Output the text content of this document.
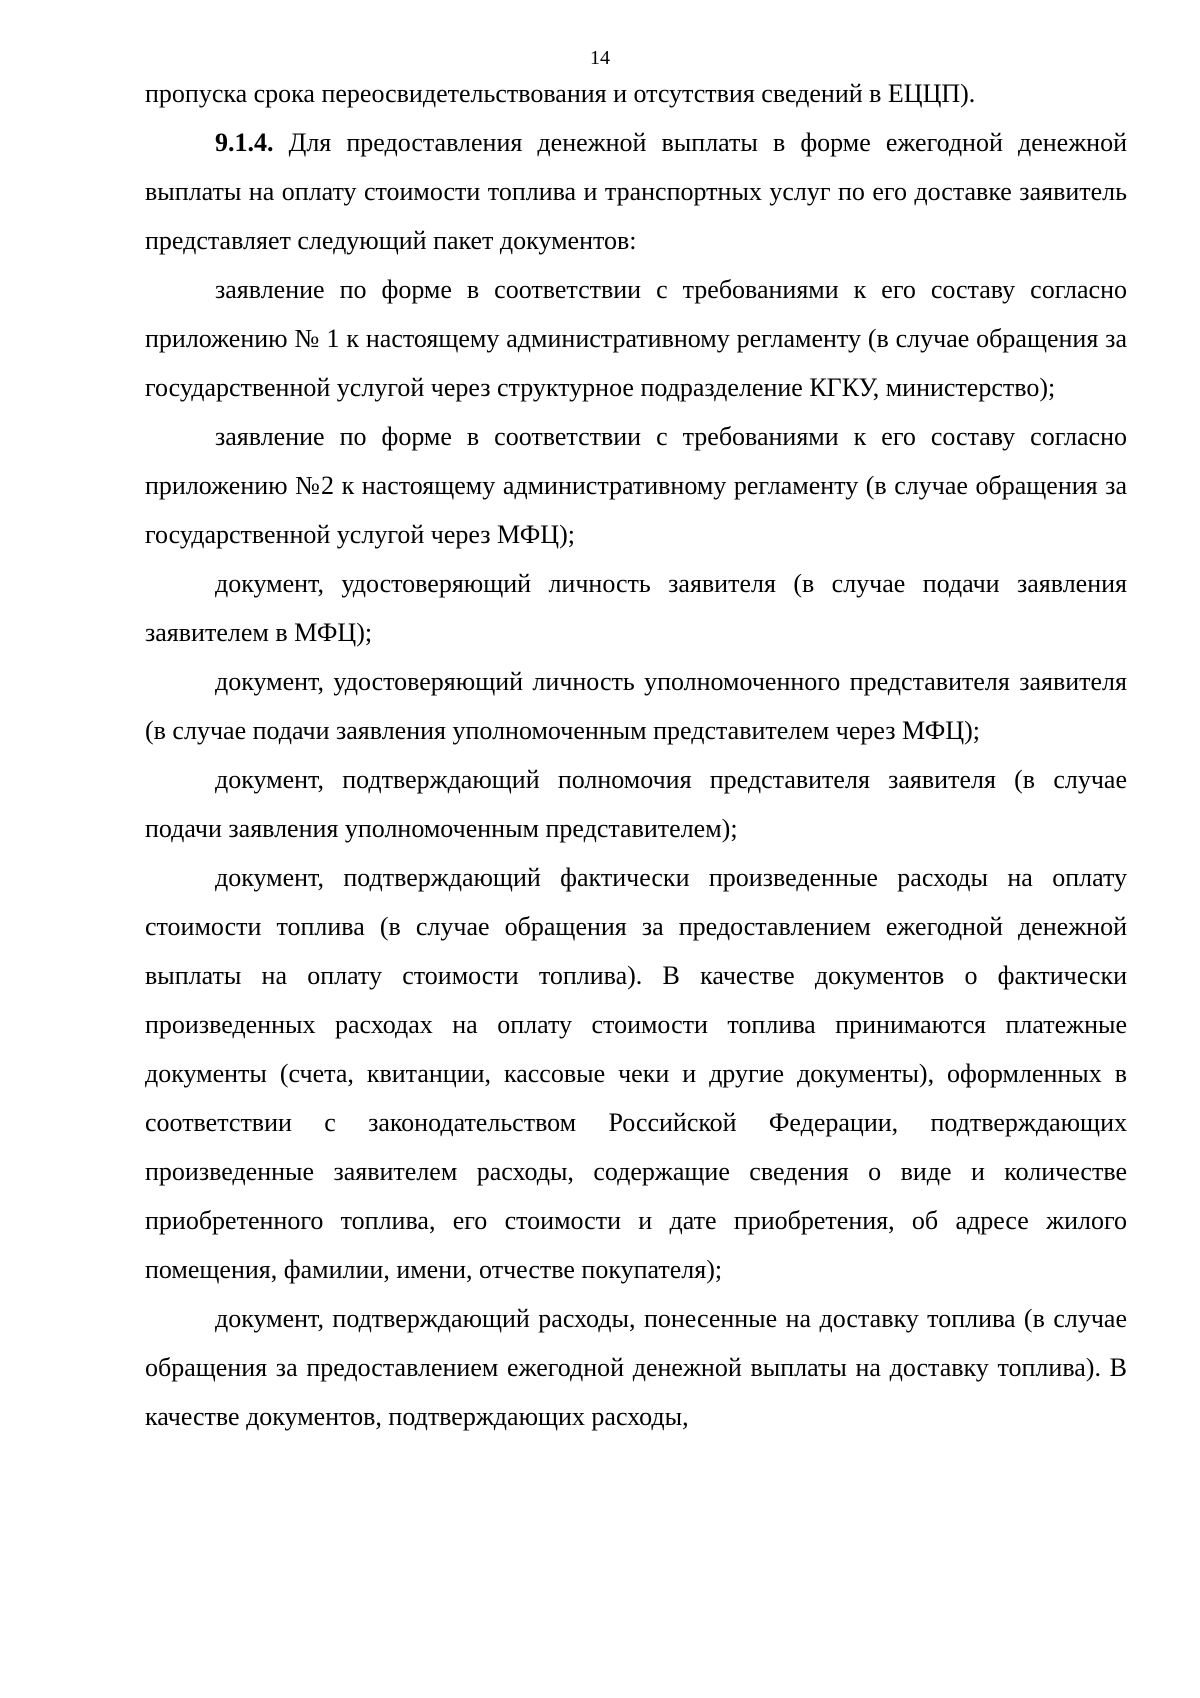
14

пропуска срока переосвидетельствования и отсутствия сведений в ЕЦЦП).

9.1.4. Для предоставления денежной выплаты в форме ежегодной денежной выплаты на оплату стоимости топлива и транспортных услуг по его доставке заявитель представляет следующий пакет документов:

заявление по форме в соответствии с требованиями к его составу согласно приложению № 1 к настоящему административному регламенту (в случае обращения за государственной услугой через структурное подразделение КГКУ, министерство);

заявление по форме в соответствии с требованиями к его составу согласно приложению №2 к настоящему административному регламенту (в случае обращения за государственной услугой через МФЦ);

документ, удостоверяющий личность заявителя (в случае подачи заявления заявителем в МФЦ);

документ, удостоверяющий личность уполномоченного представителя заявителя (в случае подачи заявления уполномоченным представителем через МФЦ);

документ, подтверждающий полномочия представителя заявителя (в случае подачи заявления уполномоченным представителем);

документ, подтверждающий фактически произведенные расходы на оплату стоимости топлива (в случае обращения за предоставлением ежегодной денежной выплаты на оплату стоимости топлива). В качестве документов о фактически произведенных расходах на оплату стоимости топлива принимаются платежные документы (счета, квитанции, кассовые чеки и другие документы), оформленных в соответствии с законодательством Российской Федерации, подтверждающих произведенные заявителем расходы, содержащие сведения о виде и количестве приобретенного топлива, его стоимости и дате приобретения, об адресе жилого помещения, фамилии, имени, отчестве покупателя);

документ, подтверждающий расходы, понесенные на доставку топлива (в случае обращения за предоставлением ежегодной денежной выплаты на доставку топлива). В качестве документов, подтверждающих расходы,
